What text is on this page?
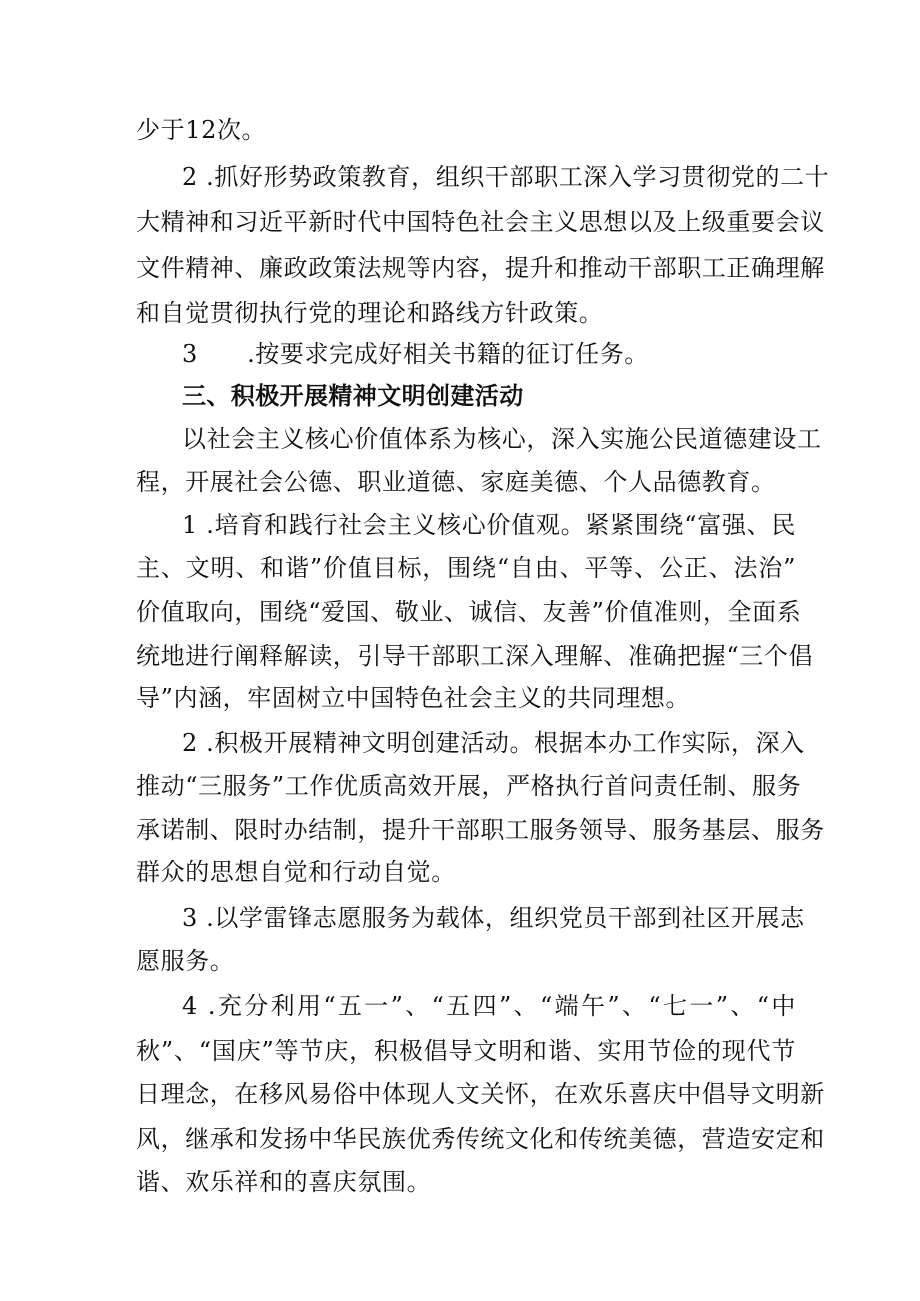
少于12次。
2 .抓好形势政策教育，组织干部职工深入学习贯彻党的二十
大精神和习近平新时代中国特色社会主义思想以及上级重要会议
文件精神、廉政政策法规等内容，提升和推动干部职工正确理解
和自觉贯彻执行党的理论和路线方针政策。
3　　.按要求完成好相关书籍的征订任务。
三、积极开展精神文明创建活动
以社会主义核心价值体系为核心，深入实施公民道德建设工
程，开展社会公德、职业道德、家庭美德、个人品德教育。
1 .培育和践行社会主义核心价值观。紧紧围绕“富强、民
主、文明、和谐”价值目标，围绕“自由、平等、公正、法治”
价值取向，围绕“爱国、敬业、诚信、友善”价值准则，全面系
统地进行阐释解读，引导干部职工深入理解、准确把握“三个倡
导”内涵，牢固树立中国特色社会主义的共同理想。
2 .积极开展精神文明创建活动。根据本办工作实际，深入
推动“三服务”工作优质高效开展，严格执行首问责任制、服务
承诺制、限时办结制，提升干部职工服务领导、服务基层、服务
群众的思想自觉和行动自觉。
3 .以学雷锋志愿服务为载体，组织党员干部到社区开展志
愿服务。
4 .充分利用“五一”、“五四”、“端午”、“七一”、“中
秋”、“国庆”等节庆，积极倡导文明和谐、实用节俭的现代节
日理念，在移风易俗中体现人文关怀，在欢乐喜庆中倡导文明新
风，继承和发扬中华民族优秀传统文化和传统美德，营造安定和
谐、欢乐祥和的喜庆氛围。
